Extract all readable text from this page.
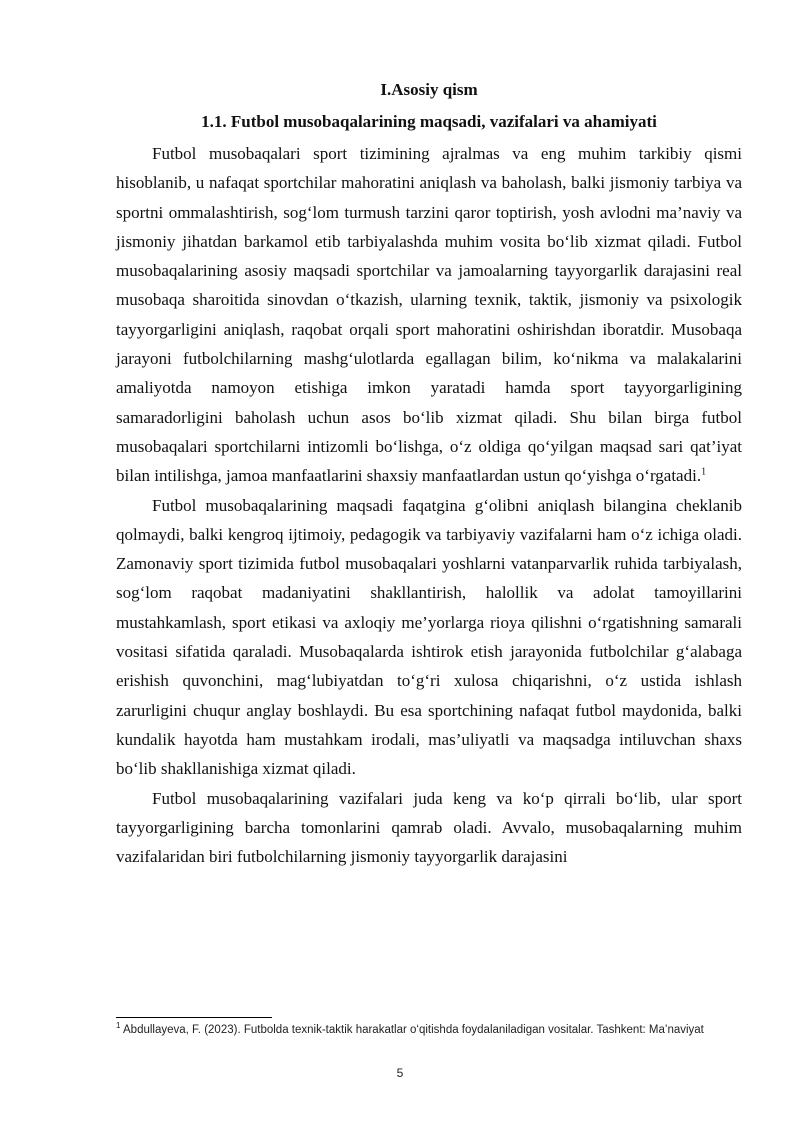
I.Asosiy qism
1.1. Futbol musobaqalarining maqsadi, vazifalari va ahamiyati

Futbol musobaqalari sport tizimining ajralmas va eng muhim tarkibiy qismi hisoblanib, u nafaqat sportchilar mahoratini aniqlash va baholash, balki jismoniy tarbiya va sportni ommalashtirish, sog‘lom turmush tarzini qaror toptirish, yosh avlodni ma’naviy va jismoniy jihatdan barkamol etib tarbiyalashda muhim vosita bo‘lib xizmat qiladi. Futbol musobaqalarining asosiy maqsadi sportchilar va jamoalarning tayyorgarlik darajasini real musobaqa sharoitida sinovdan o‘tkazish, ularning texnik, taktik, jismoniy va psixologik tayyorgarligini aniqlash, raqobat orqali sport mahoratini oshirishdan iboratdir. Musobaqa jarayoni futbolchilarning mashg‘ulotlarda egallagan bilim, ko‘nikma va malakalarini amaliyotda namoyon etishiga imkon yaratadi hamda sport tayyorgarligining samaradorligini baholash uchun asos bo‘lib xizmat qiladi. Shu bilan birga futbol musobaqalari sportchilarni intizomli bo‘lishga, o‘z oldiga qo‘yilgan maqsad sari qat’iyat bilan intilishga, jamoa manfaatlarini shaxsiy manfaatlardan ustun qo‘yishga o‘rgatadi.$^1$

Futbol musobaqalarining maqsadi faqatgina g‘olibni aniqlash bilangina cheklanib qolmaydi, balki kengroq ijtimoiy, pedagogik va tarbiyaviy vazifalarni ham o‘z ichiga oladi. Zamonaviy sport tizimida futbol musobaqalari yoshlarni vatanparvarlik ruhida tarbiyalash, sog‘lom raqobat madaniyatini shakllantirish, halollik va adolat tamoyillarini mustahkamlash, sport etikasi va axloqiy me’yorlarga rioya qilishni o‘rgatishning samarali vositasi sifatida qaraladi. Musobaqalarda ishtirok etish jarayonida futbolchilar g‘alabaga erishish quvonchini, mag‘lubiyatdan to‘g‘ri xulosa chiqarishni, o‘z ustida ishlash zarurligini chuqur anglay boshlaydi. Bu esa sportchining nafaqat futbol maydonida, balki kundalik hayotda ham mustahkam irodali, mas’uliyatli va maqsadga intiluvchan shaxs bo‘lib shakllanishiga xizmat qiladi.

Futbol musobaqalarining vazifalari juda keng va ko‘p qirrali bo‘lib, ular sport tayyorgarligining barcha tomonlarini qamrab oladi. Avvalo, musobaqalarning muhim vazifalaridan biri futbolchilarning jismoniy tayyorgarlik darajasini

$^1$ Abdullayeva, F. (2023). Futbolda texnik-taktik harakatlar o‘qitishda foydalaniladigan vositalar. Tashkent: Ma’naviyat

5
